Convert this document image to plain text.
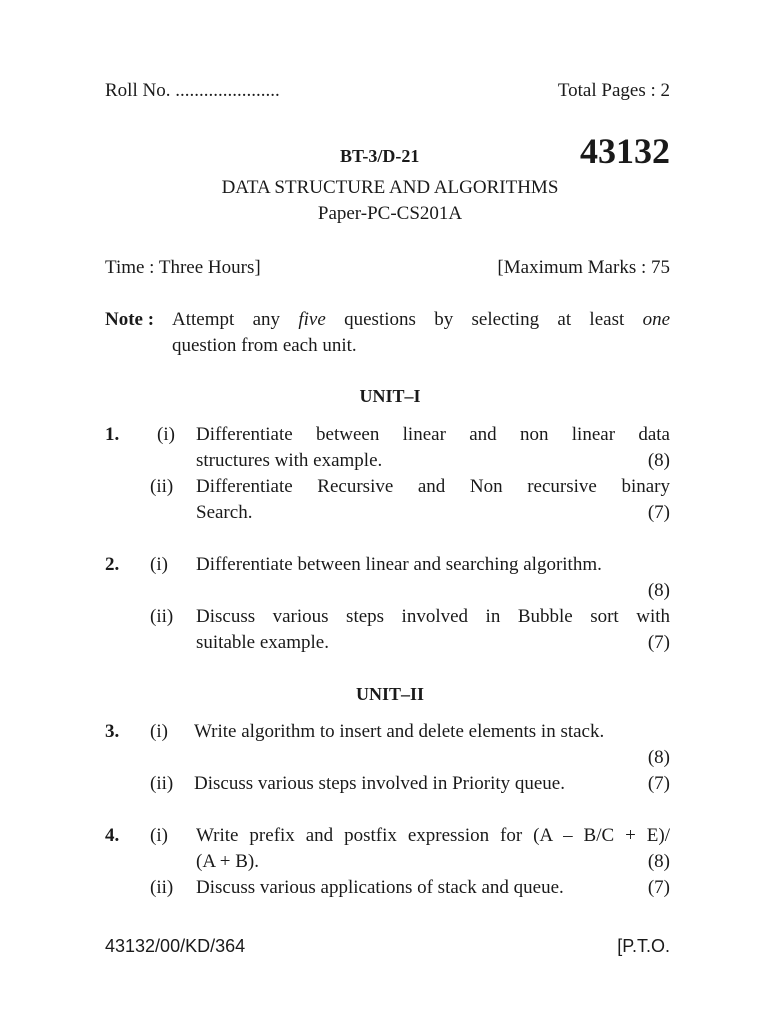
Roll No. ......................	Total Pages : 2
BT-3/D-21	43132
DATA STRUCTURE AND ALGORITHMS
Paper-PC-CS201A
Time : Three Hours]	[Maximum Marks : 75
Note : Attempt any five questions by selecting at least one
question from each unit.
UNIT–I
1. (i) Differentiate between linear and non linear data
structures with example.	(8)
(ii) Differentiate Recursive and Non recursive binary
Search.	(7)
2. (i) Differentiate between linear and searching algorithm.
(8)
(ii) Discuss various steps involved in Bubble sort with
suitable example.	(7)
UNIT–II
3. (i) Write algorithm to insert and delete elements in stack.
(8)
(ii) Discuss various steps involved in Priority queue.	(7)
4. (i) Write prefix and postfix expression for (A – B/C + E)/
(A + B).	(8)
(ii) Discuss various applications of stack and queue.	(7)
43132/00/KD/364	[P.T.O.
